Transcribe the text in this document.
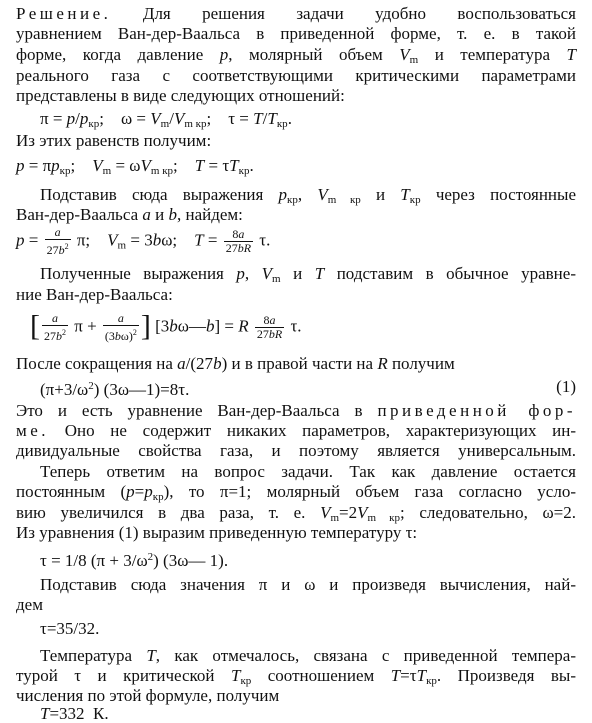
Решение. Для решения задачи удобно воспользоваться
уравнением Ван-дер-Ваальса в приведенной форме, т. е. в такой
форме, когда давление p, молярный объем $V_m$ и температура T
реального газа с соответствующими критическими параметрами
представлены в виде следующих отношений:
$\pi = p/p_{кр}$;    $\omega = V_m/V_{m кр}$;    $\tau = T/T_{кр}$.
Из этих равенств получим:
$p = \pi p_{кр}$;    $V_m = \omega V_{m кр}$;    $T = \tau T_{кр}$.
Подставив сюда выражения $p_{кр}$, $V_{m кр}$ и $T_{кр}$ через постоянные
Ван-дер-Ваальса a и b, найдем:
$p = \frac{a}{27b^2} \pi$;    $V_m = 3b\omega$;    $T = \frac{8a}{27bR} \tau$.
Полученные выражения p, $V_m$ и T подставим в обычное уравне-
ние Ван-дер-Ваальса:
[ $\frac{a}{27b^2}$ $\pi + \frac{a}{(3b\omega)^2}$ ] [3bω—b] = R $\frac{8a}{27bR} \tau$.
После сокращения на a/(27b) и в правой части на R получим
$(\pi+3/\omega^2)$ (3ω—1)=8τ.	(1)
Это и есть уравнение Ван-дер-Ваальса в приведенной фор-
ме. Оно не содержит никаких параметров, характеризующих ин-
дивидуальные свойства газа, и поэтому является универсальным.
Теперь ответим на вопрос задачи. Так как давление остается
постоянным $(p=p_{кр})$, то π=1; молярный объем газа согласно усло-
вию увеличился в два раза, т. е. $V_m=2V_{m кр}$; следовательно, ω=2.
Из уравнения (1) выразим приведенную температуру τ:
τ = 1/8 $(\pi + 3/\omega^2)$ (3ω— 1).
Подставив сюда значения π и ω и произведя вычисления, най-
дем
τ=35/32.
Температура T, как отмечалось, связана с приведенной темпера-
турой τ и критической $T_{кр}$ соотношением $T=\tau T_{кр}$. Произведя вы-
числения по этой формуле, получим
T=332  К.
